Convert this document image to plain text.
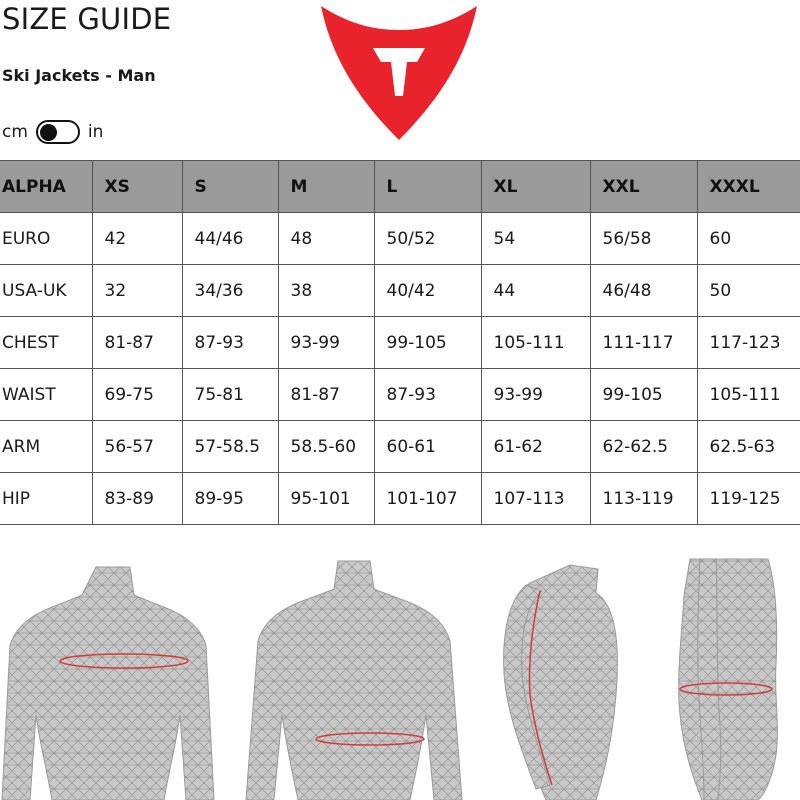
SIZE GUIDE
Ski Jackets - Man
cm	in
ALPHA	XS	S	M	L	XL	XXL	XXXL
EURO	42	44/46	48	50/52	54	56/58	60
USA-UK	32	34/36	38	40/42	44	46/48	50
CHEST	81-87	87-93	93-99	99-105	105-111	111-117	117-123
WAIST	69-75	75-81	81-87	87-93	93-99	99-105	105-111
ARM	56-57	57-58.5	58.5-60	60-61	61-62	62-62.5	62.5-63
HIP	83-89	89-95	95-101	101-107	107-113	113-119	119-125
